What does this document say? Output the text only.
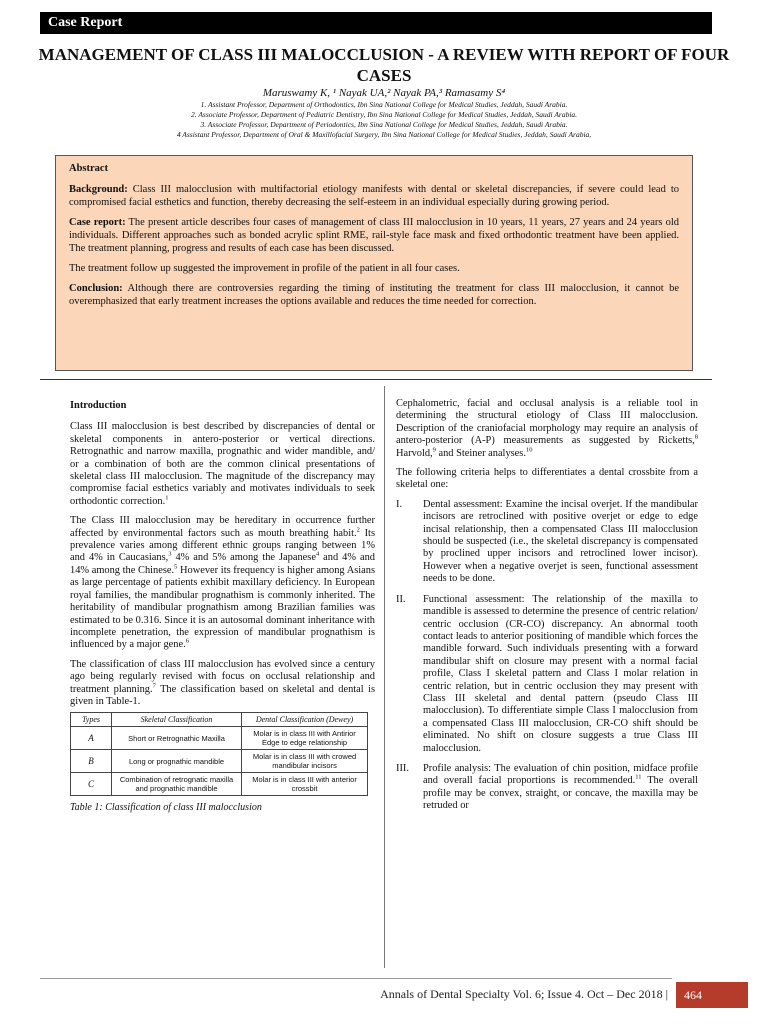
Case Report
MANAGEMENT OF CLASS III MALOCCLUSION - A REVIEW WITH REPORT OF FOUR CASES
Maruswamy K, ¹ Nayak UA,² Nayak PA,³ Ramasamy S⁴
1. Assistant Professor, Department of Orthodontics, Ibn Sina National College for Medical Studies, Jeddah, Saudi Arabia.
2. Associate Professor, Department of Pediatric Dentistry, Ibn Sina National College for Medical Studies, Jeddah, Saudi Arabia.
3. Associate Professor, Department of Periodontics, Ibn Sina National College for Medical Studies, Jeddah, Saudi Arabia.
4 Assistant Professor, Department of Oral & Maxillofacial Surgery, Ibn Sina National College for Medical Studies, Jeddah, Saudi Arabia,

Abstract

Background: Class III malocclusion with multifactorial etiology manifests with dental or skeletal discrepancies, if severe could lead to compromised facial esthetics and function, thereby decreasing the self-esteem in an individual especially during growing period.

Case report: The present article describes four cases of management of class III malocclusion in 10 years, 11 years, 27 years and 24 years old individuals. Different approaches such as bonded acrylic splint RME, rail-style face mask and fixed orthodontic treatment have been applied. The treatment planning, progress and results of each case has been discussed.

The treatment follow up suggested the improvement in profile of the patient in all four cases.

Conclusion: Although there are controversies regarding the timing of instituting the treatment for class III malocclusion, it cannot be overemphasized that early treatment increases the options available and reduces the time needed for correction.

Introduction

Class III malocclusion is best described by discrepancies of dental or skeletal components in antero-posterior or vertical directions. Retrognathic and narrow maxilla, prognathic and wider mandible, and/ or a combination of both are the common clinical presentations of skeletal class III malocclusion. The magnitude of the discrepancy may compromise facial esthetics variably and motivates individuals to seek orthodontic correction.$^1$

The Class III malocclusion may be hereditary in occurrence further affected by environmental factors such as mouth breathing habit.$^2$ Its prevalence varies among different ethnic groups ranging between 1% and 4% in Caucasians,$^3$ 4% and 5% among the Japanese$^4$ and 4% and 14% among the Chinese.$^5$ However its frequency is higher among Asians as large percentage of patients exhibit maxillary deficiency. In European royal families, the mandibular prognathism is commonly inherited. The heritability of mandibular prognathism among Brazilian families was estimated to be 0.316. Since it is an autosomal dominant inheritance with incomplete penetration, the expression of mandibular prognathism is influenced by a major gene.$^6$

The classification of class III malocclusion has evolved since a century ago being regularly revised with focus on occlusal relationship and treatment planning.$^7$ The classification based on skeletal and dental is given in Table-1.

Types	Skeletal Classification	Dental Classification (Dewey)
A	Short or Retrognathic Maxilla	Molar is in class III with Antirior Edge to edge relationship
B	Long or prognathic mandible	Molar is in class III with crowed mandibular incisors
C	Combination of retrognatic maxilla and prognathic mandible	Molar is in class III with anterior crossbit
Table 1: Classification of class III malocclusion

Cephalometric, facial and occlusal analysis is a reliable tool in determining the structural etiology of Class III malocclusion. Description of the craniofacial morphology may require an analysis of antero-posterior (A-P) measurements as suggested by Ricketts,$^8$ Harvold,$^9$ and Steiner analyses.$^{10}$

The following criteria helps to differentiates a dental crossbite from a skeletal one:

I. Dental assessment: Examine the incisal overjet. If the mandibular incisors are retroclined with positive overjet or edge to edge incisal relationship, then a compensated Class III malocclusion should be suspected (i.e., the skeletal discrepancy is compensated by proclined upper incisors and retroclined lower incisor). However when a negative overjet is seen, functional assessment needs to be done.
II. Functional assessment: The relationship of the maxilla to mandible is assessed to determine the presence of centric relation/ centric occlusion (CR-CO) discrepancy. An abnormal tooth contact leads to anterior positioning of mandible which forces the mandible forward. Such individuals presenting with a forward mandibular shift on closure may present with a normal facial profile, Class I skeletal pattern and Class I molar relation in centric relation, but in centric occlusion they may present with Class III skeletal and dental pattern (pseudo Class III malocclusion). To differentiate simple Class I malocclusion from a compensated Class III malocclusion, CR-CO shift should be eliminated. No shift on closure suggests a true Class III malocclusion.
III. Profile analysis: The evaluation of chin position, midface profile and overall facial proportions is recommended.$^{11}$ The overall profile may be convex, straight, or concave, the maxilla may be retruded or
Annals of Dental Specialty Vol. 6; Issue 4. Oct – Dec 2018 |	464
